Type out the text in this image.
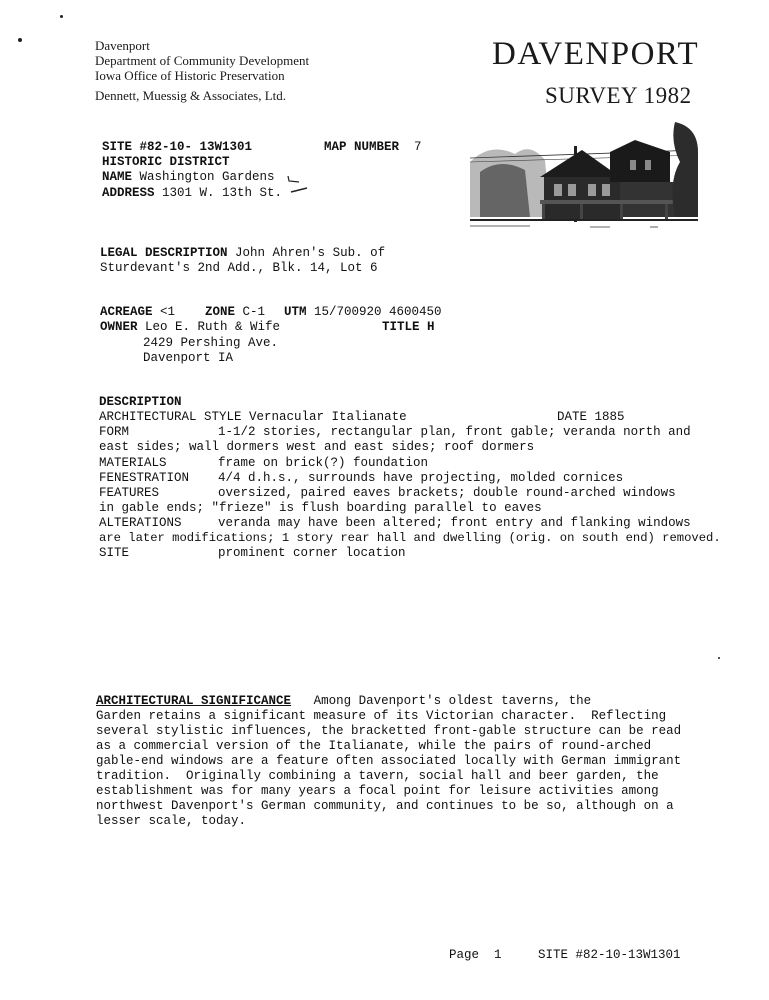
Davenport
Department of Community Development
Iowa Office of Historic Preservation
Dennett, Muessig & Associates, Ltd.
DAVENPORT
SURVEY 1982
SITE #82-10- 13W1301	MAP NUMBER 7
HISTORIC DISTRICT
NAME Washington Gardens
ADDRESS 1301 W. 13th St.
LEGAL DESCRIPTION John Ahren's Sub. of
Sturdevant's 2nd Add., Blk. 14, Lot 6
ACREAGE <1 ZONE C-1 UTM 15/700920 4600450
OWNER Leo E. Ruth & Wife	TITLE H
2429 Pershing Ave.
Davenport IA
DESCRIPTION
ARCHITECTURAL STYLE Vernacular Italianate	DATE 1885
FORM	1-1/2 stories, rectangular plan, front gable; veranda north and
east sides; wall dormers west and east sides; roof dormers
MATERIALS	frame on brick(?) foundation
FENESTRATION 4/4 d.h.s., surrounds have projecting, molded cornices
FEATURES	oversized, paired eaves brackets; double round-arched windows
in gable ends; "frieze" is flush boarding parallel to eaves
ALTERATIONS	veranda may have been altered; front entry and flanking windows
are later modifications; 1 story rear hall and dwelling (orig. on south end) removed.
SITE	prominent corner location
ARCHITECTURAL SIGNIFICANCE Among Davenport's oldest taverns, the
Garden retains a significant measure of its Victorian character.  Reflecting
several stylistic influences, the bracketted front-gable structure can be read
as a commercial version of the Italianate, while the pairs of round-arched
gable-end windows are a feature often associated locally with German immigrant
tradition.  Originally combining a tavern, social hall and beer garden, the
establishment was for many years a focal point for leisure activities among
northwest Davenport's German community, and continues to be so, although on a
lesser scale, today.
Page 1	SITE #82-10-13W1301
